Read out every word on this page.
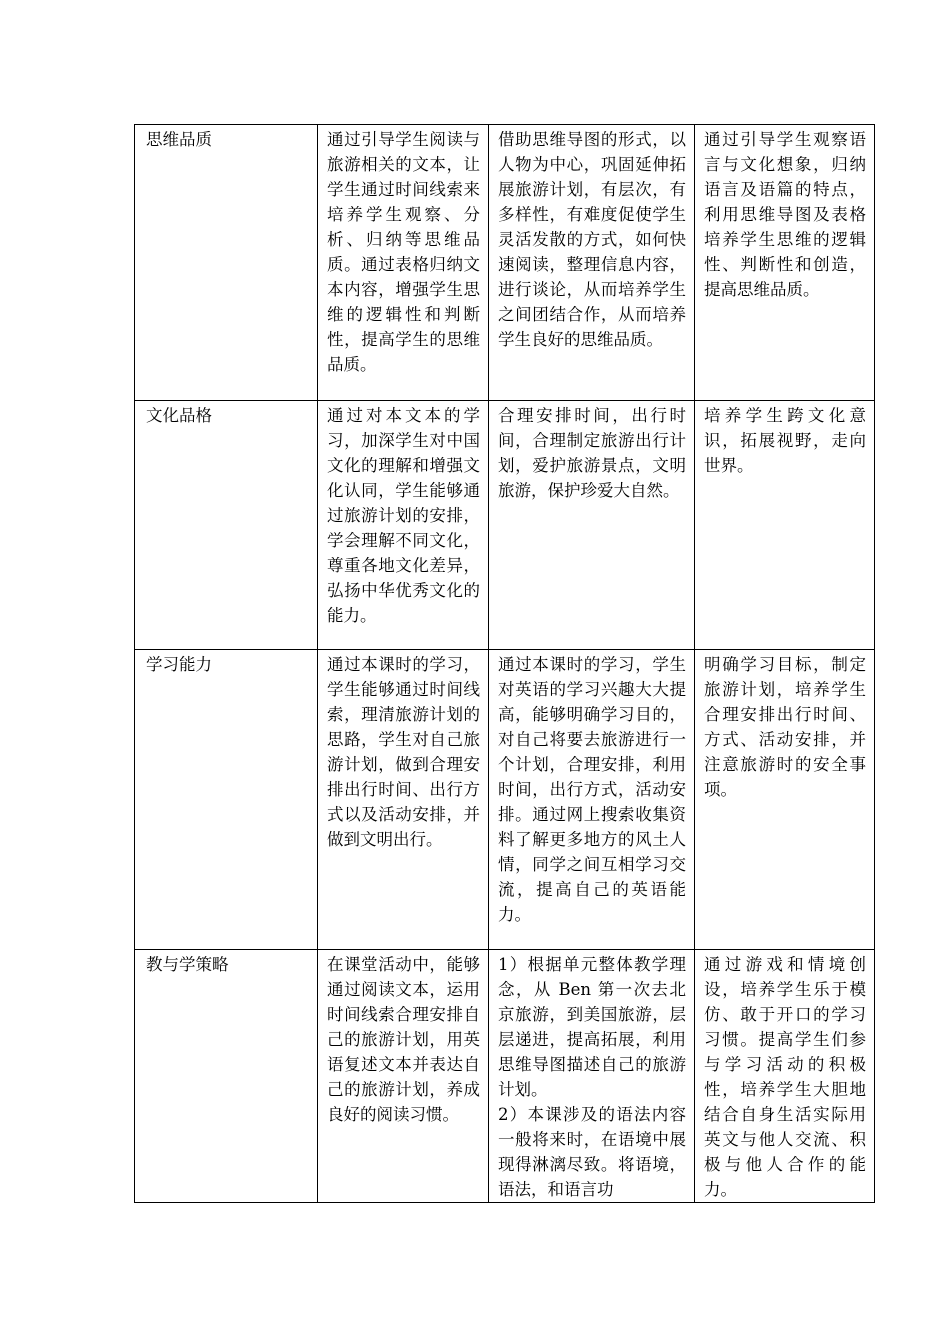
思维品质	通过引导学生阅读与旅游相关的文本，让学生通过时间线索来培养学生观察、分析、归纳等思维品质。通过表格归纳文本内容，增强学生思维的逻辑性和判断性，提高学生的思维品质。	借助思维导图的形式，以人物为中心，巩固延伸拓展旅游计划，有层次，有多样性，有难度促使学生灵活发散的方式，如何快速阅读，整理信息内容，进行谈论，从而培养学生之间团结合作，从而培养学生良好的思维品质。	通过引导学生观察语言与文化想象，归纳语言及语篇的特点，利用思维导图及表格培养学生思维的逻辑性、判断性和创造，提高思维品质。
文化品格	通过对本文本的学习，加深学生对中国文化的理解和增强文化认同，学生能够通过旅游计划的安排，学会理解不同文化，尊重各地文化差异，弘扬中华优秀文化的能力。	合理安排时间，出行时间，合理制定旅游出行计划，爱护旅游景点，文明旅游，保护珍爱大自然。	培养学生跨文化意识，拓展视野，走向世界。
学习能力	通过本课时的学习，学生能够通过时间线索，理清旅游计划的思路，学生对自己旅游计划，做到合理安排出行时间、出行方式以及活动安排，并做到文明出行。	通过本课时的学习，学生对英语的学习兴趣大大提高，能够明确学习目的，对自己将要去旅游进行一个计划，合理安排，利用时间，出行方式，活动安排。通过网上搜索收集资料了解更多地方的风土人情，同学之间互相学习交流，提高自己的英语能力。	明确学习目标，制定旅游计划，培养学生合理安排出行时间、方式、活动安排，并注意旅游时的安全事项。
教与学策略	在课堂活动中，能够通过阅读文本，运用时间线索合理安排自己的旅游计划，用英语复述文本并表达自己的旅游计划，养成良好的阅读习惯。	1）根据单元整体教学理念，从 Ben 第一次去北京旅游，到美国旅游，层层递进，提高拓展，利用思维导图描述自己的旅游计划。

2）本课涉及的语法内容一般将来时，在语境中展现得淋漓尽致。将语境，语法，和语言功	通过游戏和情境创设，培养学生乐于模仿、敢于开口的学习习惯。提高学生们参与学习活动的积极性，培养学生大胆地结合自身生活实际用英文与他人交流、积极与他人合作的能力。
